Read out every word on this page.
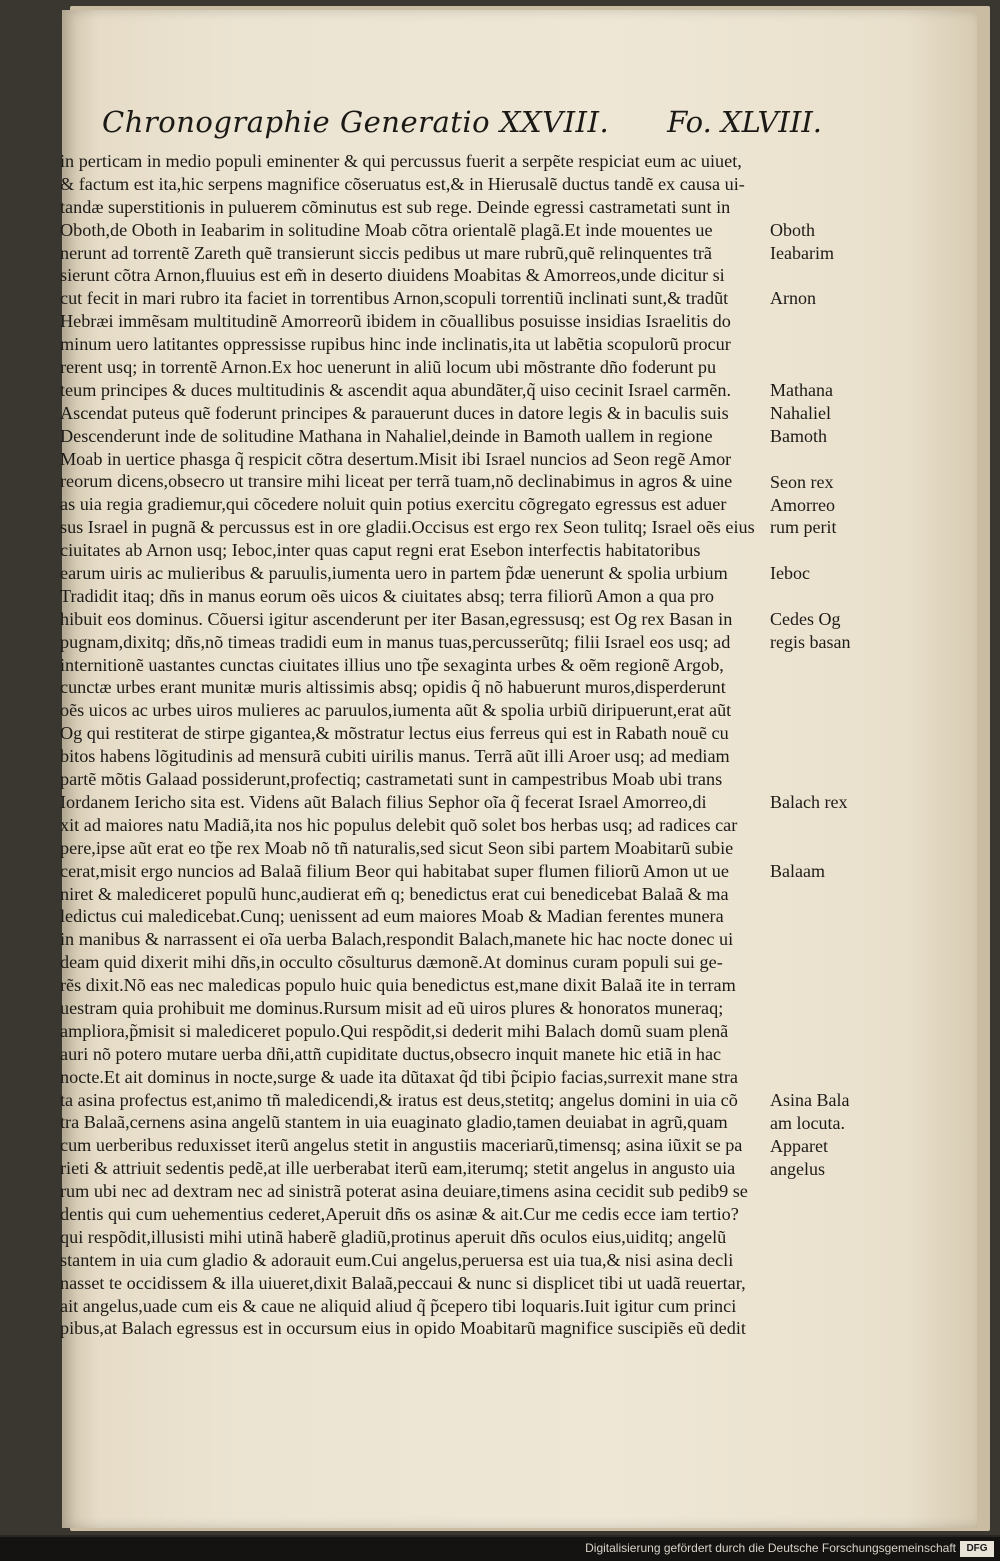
Chronographie Generatio XXVIII. Fo. XLVIII.
in perticam in medio populi eminenter & qui percussus fuerit a serpẽte respiciat eum ac uiuet,
& factum est ita,hic serpens magnifice cõseruatus est,& in Hierusalẽ ductus tandẽ ex causa ui-
tandæ superstitionis in puluerem cõminutus est sub rege. Deinde egressi castrametati sunt in
Oboth,de Oboth in Ieabarim in solitudine Moab cõtra orientalẽ plagã.Et inde mouentes ue
nerunt ad torrentẽ Zareth quẽ transierunt siccis pedibus ut mare rubrũ,quẽ relinquentes trã
sierunt cõtra Arnon,fluuius est em̃ in deserto diuidens Moabitas & Amorreos,unde dicitur si
cut fecit in mari rubro ita faciet in torrentibus Arnon,scopuli torrentiũ inclinati sunt,& tradũt
Hebræi immẽsam multitudinẽ Amorreorũ ibidem in cõuallibus posuisse insidias Israelitis do
minum uero latitantes oppressisse rupibus hinc inde inclinatis,ita ut labẽtia scopulorũ procur
rerent usq; in torrentẽ Arnon.Ex hoc uenerunt in aliũ locum ubi mõstrante dño foderunt pu
teum principes & duces multitudinis & ascendit aqua abundãter,q̃ uiso cecinit Israel carmẽn.
Ascendat puteus quẽ foderunt principes & parauerunt duces in datore legis & in baculis suis
Descenderunt inde de solitudine Mathana in Nahaliel,deinde in Bamoth uallem in regione
Moab in uertice phasga q̃ respicit cõtra desertum.Misit ibi Israel nuncios ad Seon regẽ Amor
reorum dicens,obsecro ut transire mihi liceat per terrã tuam,nõ declinabimus in agros & uine
as uia regia gradiemur,qui cõcedere noluit quin potius exercitu cõgregato egressus est aduer
sus Israel in pugnã & percussus est in ore gladii.Occisus est ergo rex Seon tulitq; Israel oẽs eius
ciuitates ab Arnon usq; Ieboc,inter quas caput regni erat Esebon interfectis habitatoribus
earum uiris ac mulieribus & paruulis,iumenta uero in partem p̃dæ uenerunt & spolia urbium
Tradidit itaq; dñs in manus eorum oẽs uicos & ciuitates absq; terra filiorũ Amon a qua pro
hibuit eos dominus. Cõuersi igitur ascenderunt per iter Basan,egressusq; est Og rex Basan in
pugnam,dixitq; dñs,nõ timeas tradidi eum in manus tuas,percusserũtq; filii Israel eos usq; ad
internitionẽ uastantes cunctas ciuitates illius uno tp̃e sexaginta urbes & oẽm regionẽ Argob,
cunctæ urbes erant munitæ muris altissimis absq; opidis q̃ nõ habuerunt muros,disperderunt
oẽs uicos ac urbes uiros mulieres ac paruulos,iumenta aũt & spolia urbiũ diripuerunt,erat aũt
Og qui restiterat de stirpe gigantea,& mõstratur lectus eius ferreus qui est in Rabath nouẽ cu
bitos habens lõgitudinis ad mensurã cubiti uirilis manus. Terrã aũt illi Aroer usq; ad mediam
partẽ mõtis Galaad possiderunt,profectiq; castrametati sunt in campestribus Moab ubi trans
Iordanem Iericho sita est. Videns aũt Balach filius Sephor oĩa q̃ fecerat Israel Amorreo,di
xit ad maiores natu Madiã,ita nos hic populus delebit quõ solet bos herbas usq; ad radices car
pere,ipse aũt erat eo tp̃e rex Moab nõ tñ naturalis,sed sicut Seon sibi partem Moabitarũ subie
cerat,misit ergo nuncios ad Balaã filium Beor qui habitabat super flumen filiorũ Amon ut ue
niret & malediceret populũ hunc,audierat em̃ q; benedictus erat cui benedicebat Balaã & ma
ledictus cui maledicebat.Cunq; uenissent ad eum maiores Moab & Madian ferentes munera
in manibus & narrassent ei oĩa uerba Balach,respondit Balach,manete hic hac nocte donec ui
deam quid dixerit mihi dñs,in occulto cõsulturus dæmonẽ.At dominus curam populi sui ge-
rẽs dixit.Nõ eas nec maledicas populo huic quia benedictus est,mane dixit Balaã ite in terram
uestram quia prohibuit me dominus.Rursum misit ad eũ uiros plures & honoratos muneraq;
ampliora,p̃misit si malediceret populo.Qui respõdit,si dederit mihi Balach domũ suam plenã
auri nõ potero mutare uerba dñi,attñ cupiditate ductus,obsecro inquit manete hic etiã in hac
nocte.Et ait dominus in nocte,surge & uade ita dũtaxat q̃d tibi p̃cipio facias,surrexit mane stra
ta asina profectus est,animo tñ maledicendi,& iratus est deus,stetitq; angelus domini in uia cõ
tra Balaã,cernens asina angelũ stantem in uia euaginato gladio,tamen deuiabat in agrũ,quam
cum uerberibus reduxisset iterũ angelus stetit in angustiis maceriarũ,timensq; asina iũxit se pa
rieti & attriuit sedentis pedẽ,at ille uerberabat iterũ eam,iterumq; stetit angelus in angusto uia
rum ubi nec ad dextram nec ad sinistrã poterat asina deuiare,timens asina cecidit sub pedib9 se
dentis qui cum uehementius cederet,Aperuit dñs os asinæ & ait.Cur me cedis ecce iam tertio?
qui respõdit,illusisti mihi utinã haberẽ gladiũ,protinus aperuit dñs oculos eius,uiditq; angelũ
stantem in uia cum gladio & adorauit eum.Cui angelus,peruersa est uia tua,& nisi asina decli
nasset te occidissem & illa uiueret,dixit Balaã,peccaui & nunc si displicet tibi ut uadã reuertar,
ait angelus,uade cum eis & caue ne aliquid aliud q̃ p̃cepero tibi loquaris.Iuit igitur cum princi
pibus,at Balach egressus est in occursum eius in opido Moabitarũ magnifice suscipiẽs eũ dedit
Oboth
Ieabarim
Arnon
Mathana
Nahaliel
Bamoth
Seon rex
Amorreo
rum perit
Ieboc
Cedes Og
regis basan
Balach rex
Balaam
Asina Bala
am locuta.
Apparet
angelus
Digitalisierung gefördert durch die Deutsche Forschungsgemeinschaft	DFG
